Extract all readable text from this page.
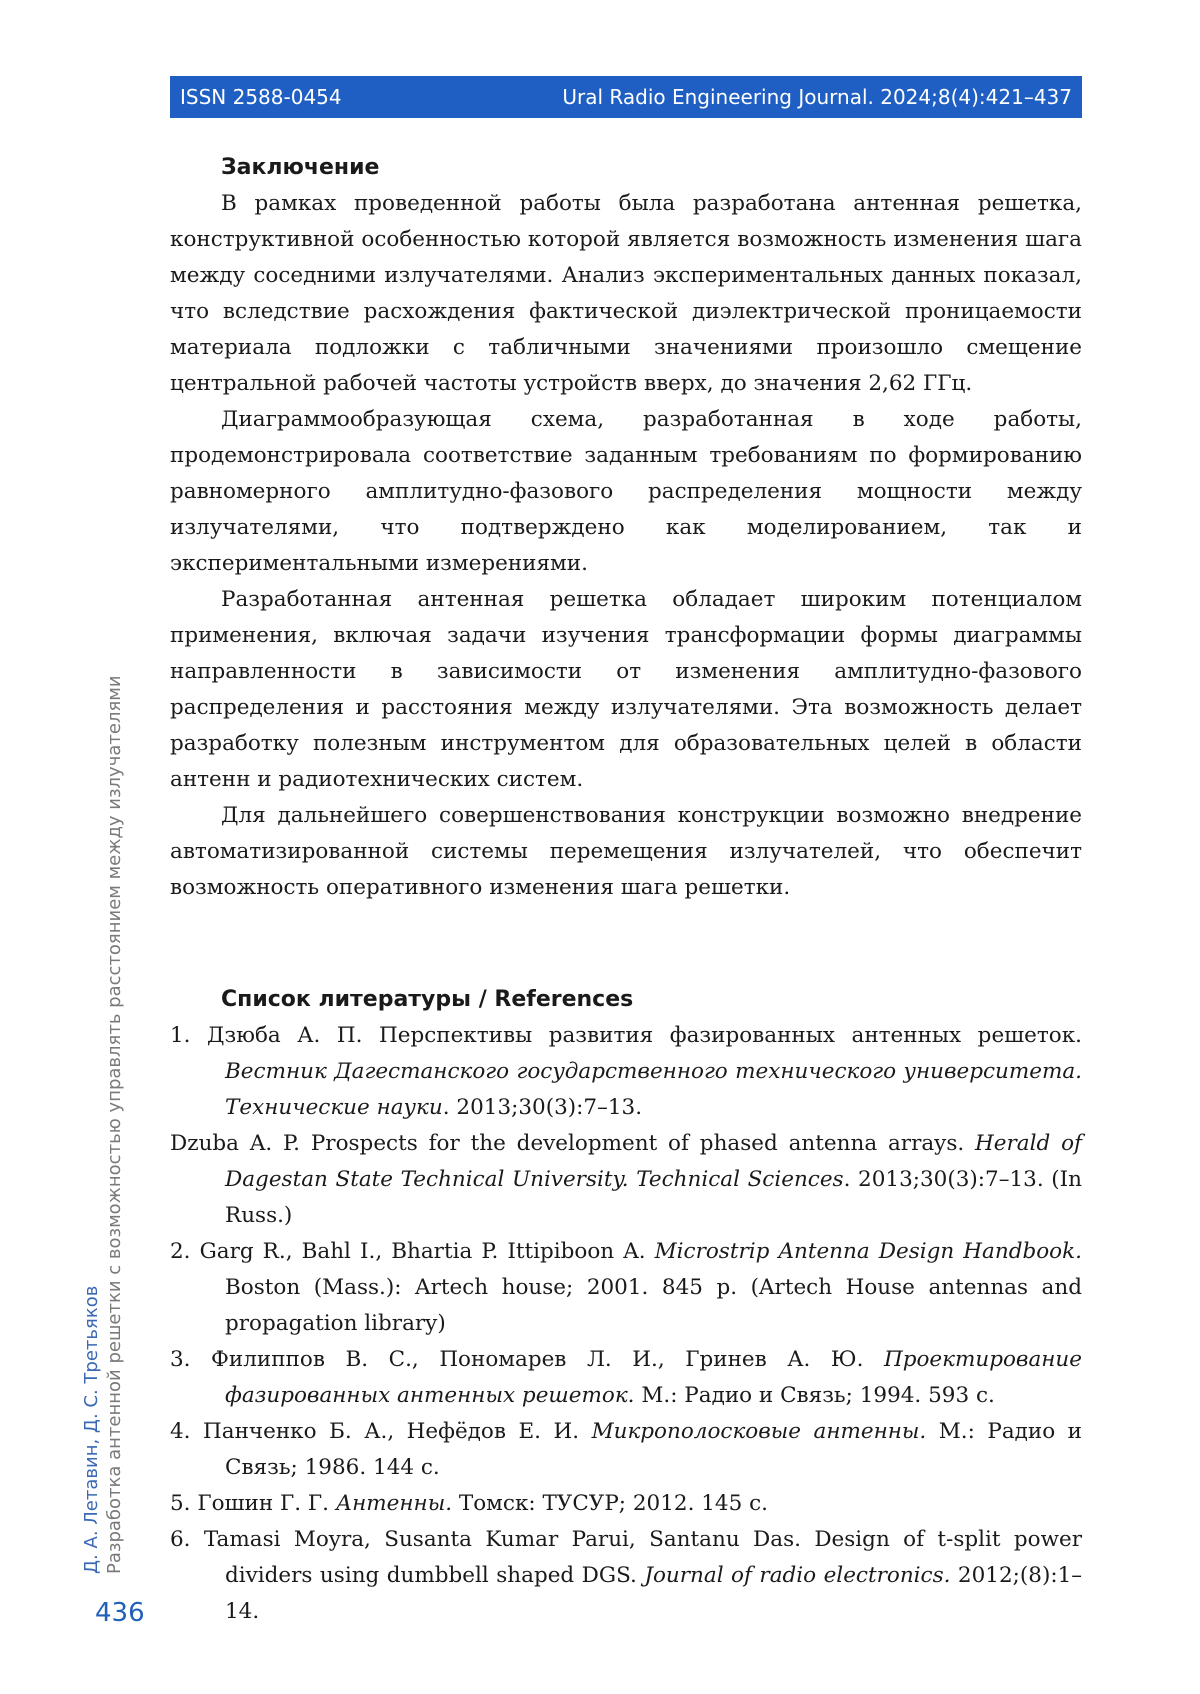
ISSN 2588-0454	Ural Radio Engineering Journal. 2024;8(4):421–437
Заключение

В рамках проведенной работы была разработана антенная решетка, конструктивной особенностью которой является возможность изменения шага между соседними излучателями. Анализ экспериментальных данных показал, что вследствие расхождения фактической диэлектрической проницаемости материала подложки с табличными значениями произошло смещение центральной рабочей частоты устройств вверх, до значения 2,62 ГГц.

Диаграммообразующая схема, разработанная в ходе работы, продемонстрировала соответствие заданным требованиям по формированию равномерного амплитудно-фазового распределения мощности между излучателями, что подтверждено как моделированием, так и экспериментальными измерениями.

Разработанная антенная решетка обладает широким потенциалом применения, включая задачи изучения трансформации формы диаграммы направленности в зависимости от изменения амплитудно-фазового распределения и расстояния между излучателями. Эта возможность делает разработку полезным инструментом для образовательных целей в области антенн и радиотехнических систем.

Для дальнейшего совершенствования конструкции возможно внедрение автоматизированной системы перемещения излучателей, что обеспечит возможность оперативного изменения шага решетки.

Список литературы / References

1. Дзюба А. П. Перспективы развития фазированных антенных решеток. Вестник Дагестанского государственного технического университета. Технические науки. 2013;30(3):7–13.

Dzuba A. P. Prospects for the development of phased antenna arrays. Herald of Dagestan State Technical University. Technical Sciences. 2013;30(3):7–13. (In Russ.)

2. Garg R., Bahl I., Bhartia P. Ittipiboon A. Microstrip Antenna Design Handbook. Boston (Mass.): Artech house; 2001. 845 p. (Artech House antennas and propagation library)

3. Филиппов В. С., Пономарев Л. И., Гринев А. Ю. Проектирование фазированных антенных решеток. М.: Радио и Связь; 1994. 593 с.

4. Панченко Б. А., Нефёдов Е. И. Микрополосковые антенны. М.: Радио и Связь; 1986. 144 с.

5. Гошин Г. Г. Антенны. Томск: ТУСУР; 2012. 145 с.

6. Tamasi Moyra, Susanta Kumar Parui, Santanu Das. Design of t-split power dividers using dumbbell shaped DGS. Journal of radio electronics. 2012;(8):1–14.

Д. А. Летавин, Д. С. Третьяков Разработка антенной решетки с возможностью управлять расстоянием между излучателями
436
